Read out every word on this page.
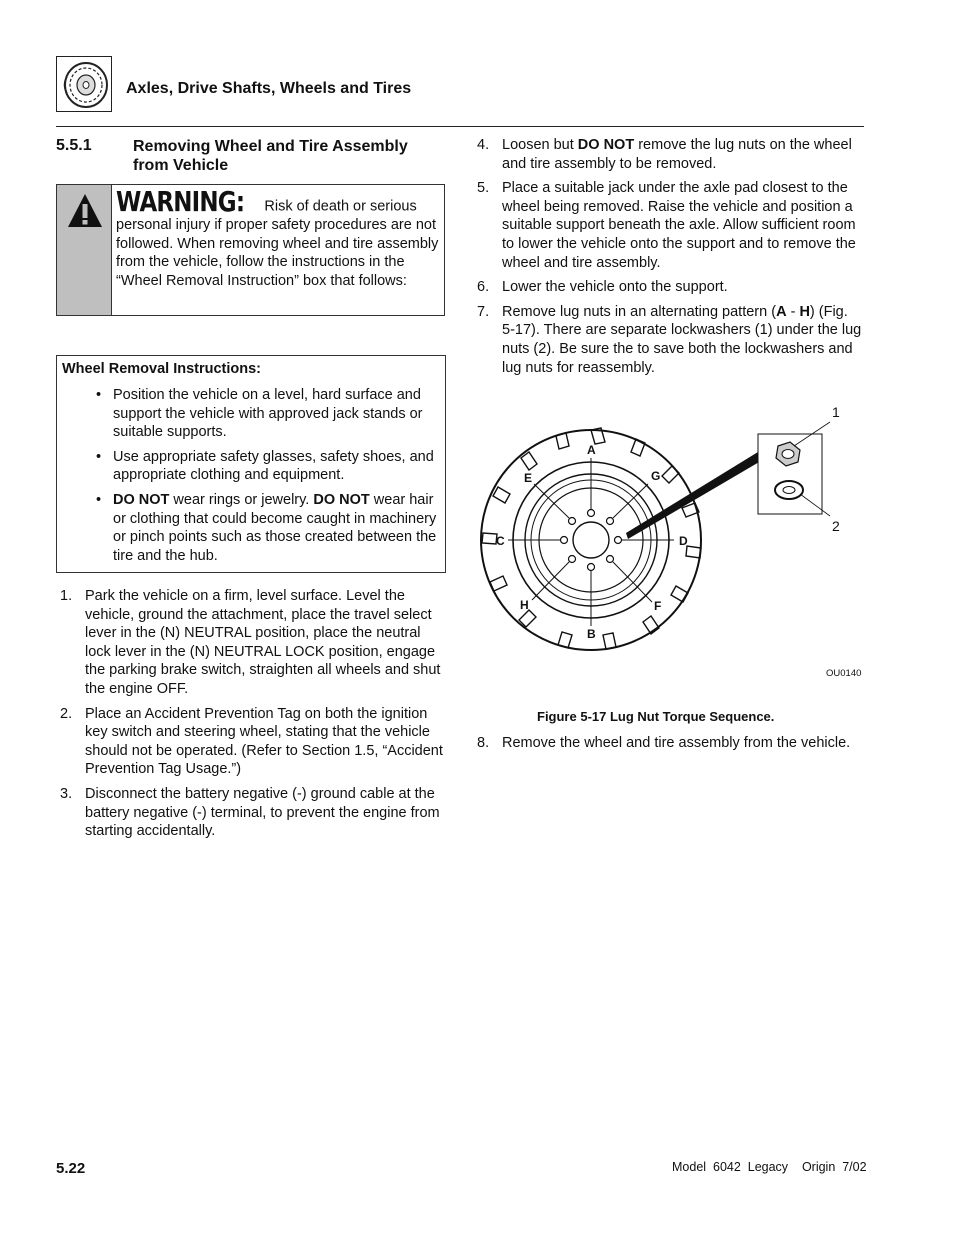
Axles, Drive Shafts, Wheels and Tires
5.5.1	Removing Wheel and Tire Assembly from Vehicle
WARNING: Risk of death or serious personal injury if proper safety procedures are not followed. When removing wheel and tire assembly from the vehicle, follow the instructions in the “Wheel Removal Instruction” box that follows:
Wheel Removal Instructions:
• Position the vehicle on a level, hard surface and support the vehicle with approved jack stands or suitable supports.
• Use appropriate safety glasses, safety shoes, and appropriate clothing and equipment.
• DO NOT wear rings or jewelry. DO NOT wear hair or clothing that could become caught in machinery or pinch points such as those created between the tire and the hub.
1. Park the vehicle on a firm, level surface. Level the vehicle, ground the attachment, place the travel select lever in the (N) NEUTRAL position, place the neutral lock lever in the (N) NEUTRAL LOCK position, engage the parking brake switch, straighten all wheels and shut the engine OFF.
2. Place an Accident Prevention Tag on both the ignition key switch and steering wheel, stating that the vehicle should not be operated. (Refer to Section 1.5, “Accident Prevention Tag Usage.”)
3. Disconnect the battery negative (-) ground cable at the battery negative (-) terminal, to prevent the engine from starting accidentally.
4. Loosen but DO NOT remove the lug nuts on the wheel and tire assembly to be removed.
5. Place a suitable jack under the axle pad closest to the wheel being removed. Raise the vehicle and position a suitable support beneath the axle. Allow sufficient room to lower the vehicle onto the support and to remove the wheel and tire assembly.
6. Lower the vehicle onto the support.
7. Remove lug nuts in an alternating pattern (A - H) (Fig. 5-17). There are separate lockwashers (1) under the lug nuts (2). Be sure the to save both the lockwashers and lug nuts for reassembly.
A
B
C	D
E
F
G
H
1
2
OU0140
Figure 5-17 Lug Nut Torque Sequence.
8. Remove the wheel and tire assembly from the vehicle.
5.22	Model  6042  Legacy    Origin  7/02
